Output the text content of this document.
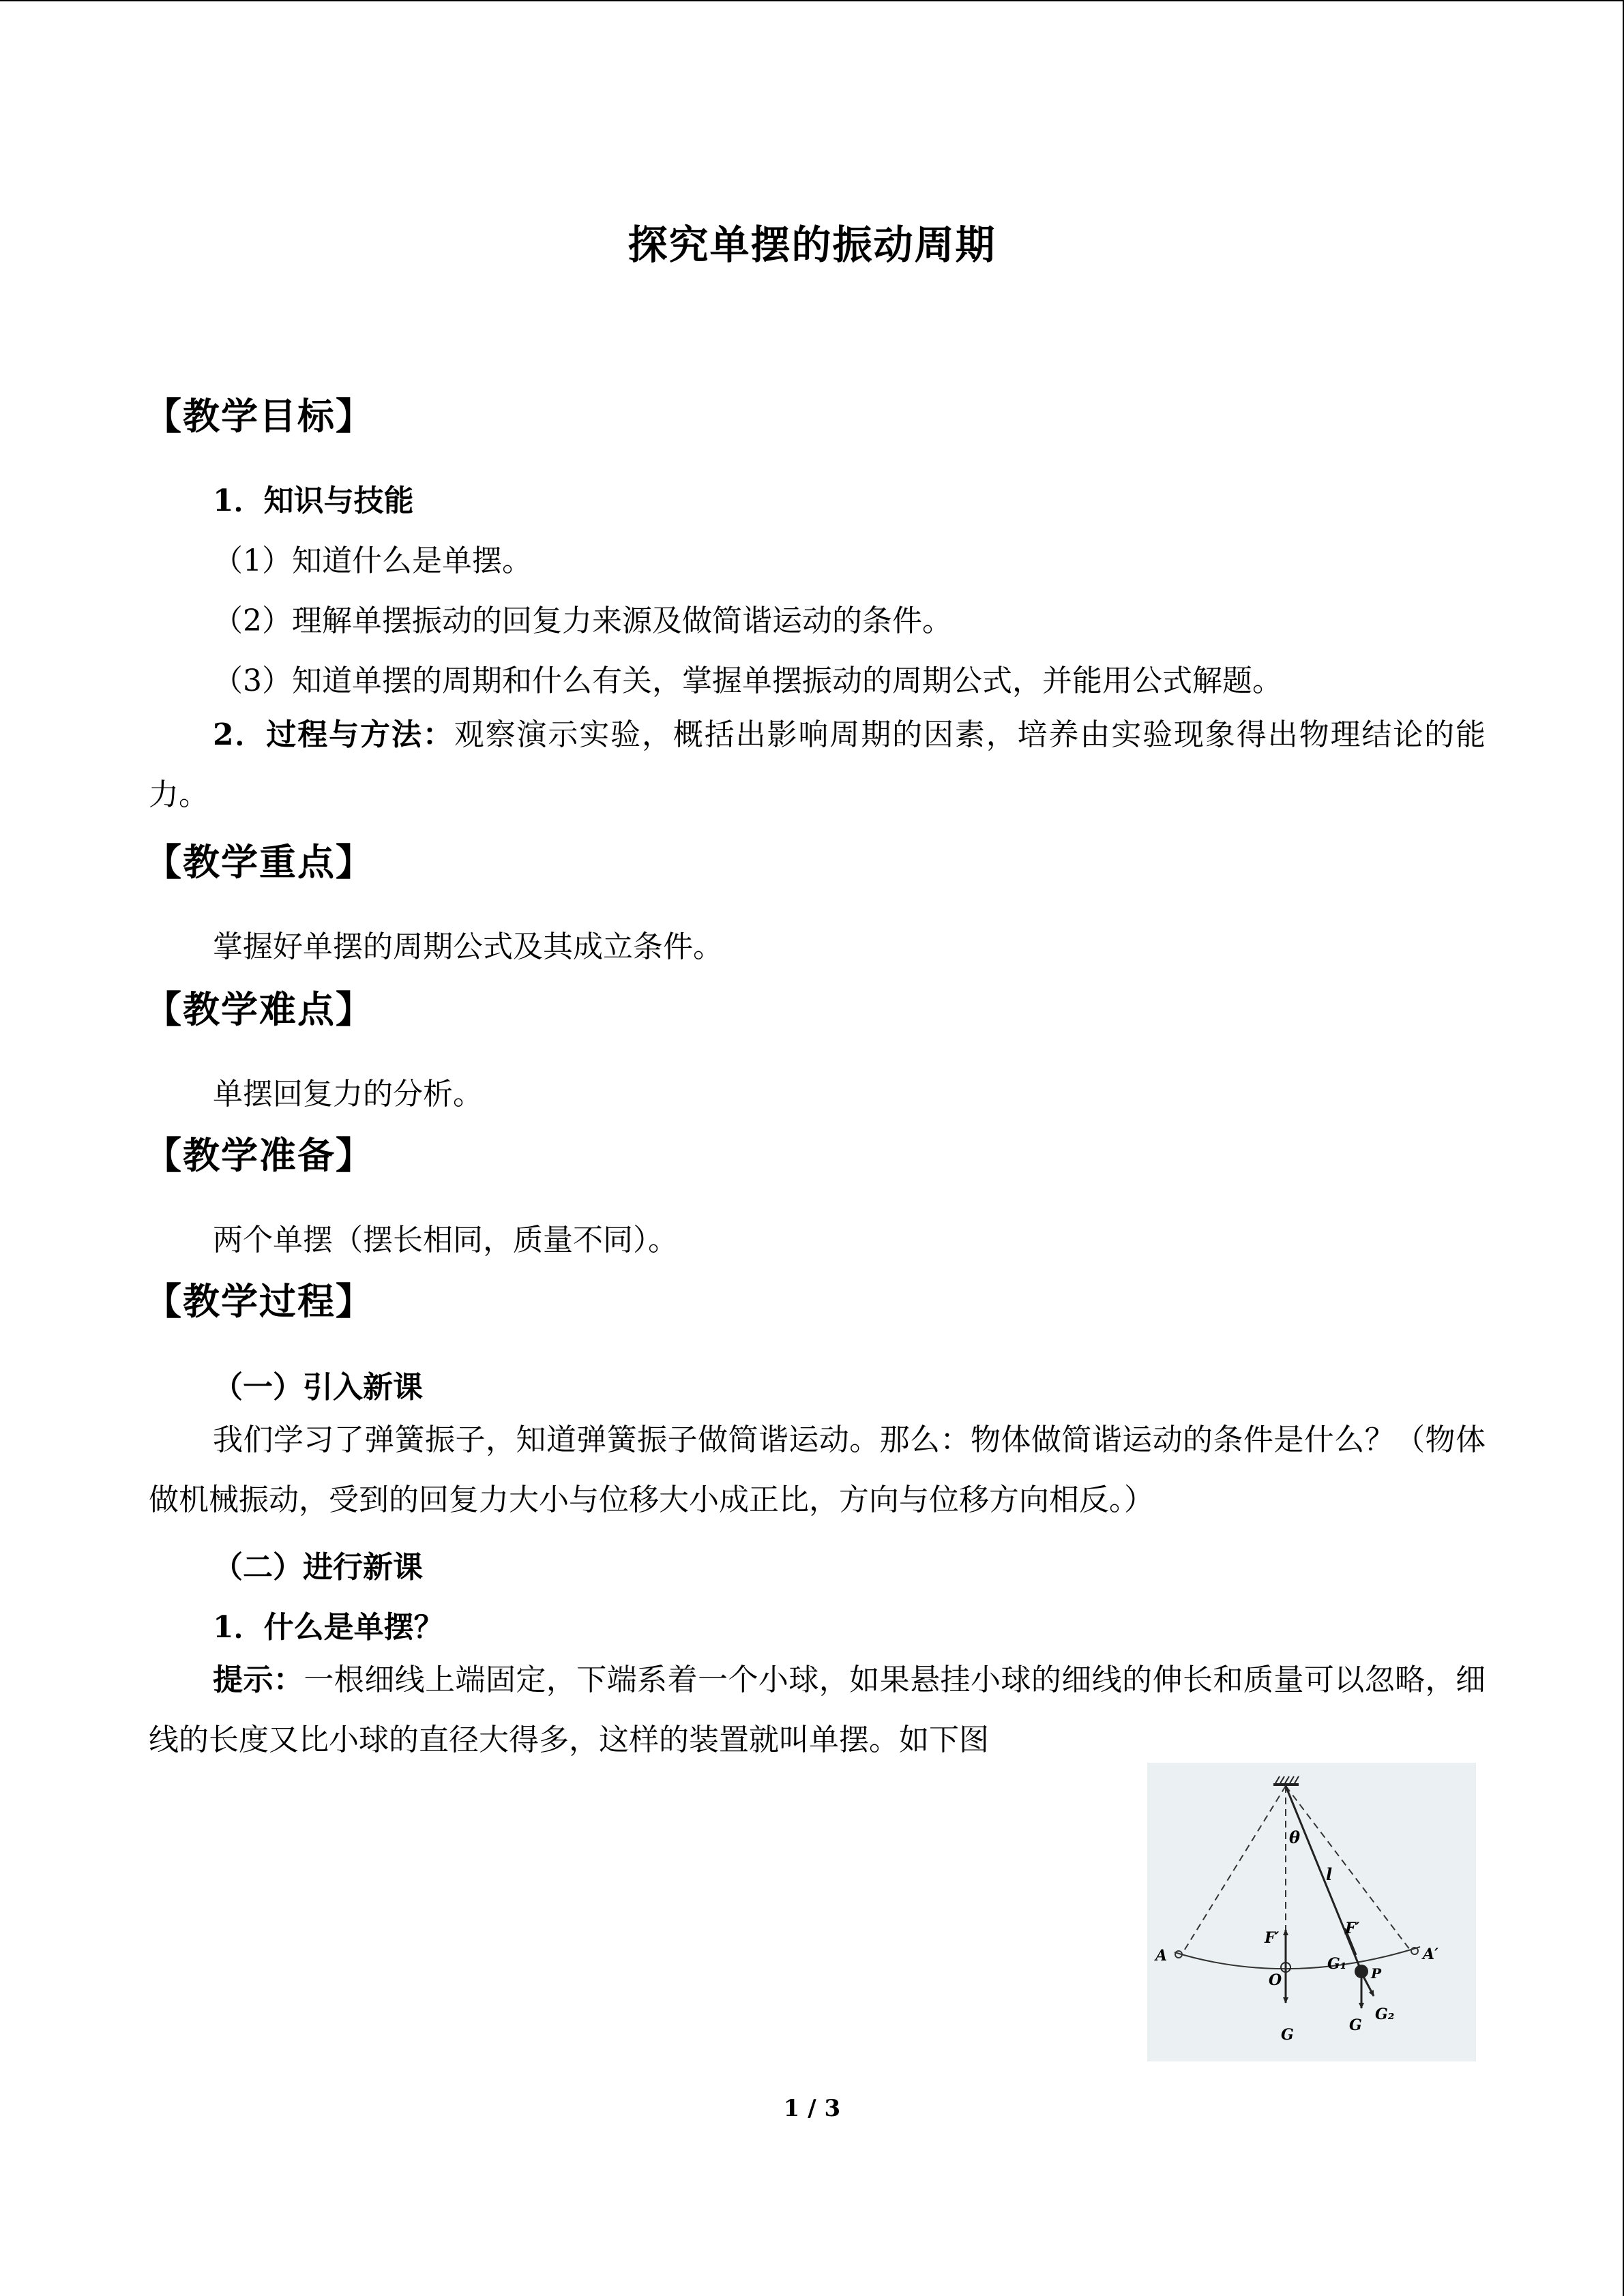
探究单摆的振动周期
【教学目标】
1．知识与技能
（1）知道什么是单摆。
（2）理解单摆振动的回复力来源及做简谐运动的条件。
（3）知道单摆的周期和什么有关，掌握单摆振动的周期公式，并能用公式解题。
2．过程与方法：观察演示实验，概括出影响周期的因素，培养由实验现象得出物理结论的能力。
【教学重点】
掌握好单摆的周期公式及其成立条件。
【教学难点】
单摆回复力的分析。
【教学准备】
两个单摆（摆长相同，质量不同）。
【教学过程】
（一）引入新课
我们学习了弹簧振子，知道弹簧振子做简谐运动。那么：物体做简谐运动的条件是什么？（物体做机械振动，受到的回复力大小与位移大小成正比，方向与位移方向相反。）
（二）进行新课
1．什么是单摆？
提示：一根细线上端固定，下端系着一个小球，如果悬挂小球的细线的伸长和质量可以忽略，细线的长度又比小球的直径大得多，这样的装置就叫单摆。如下图
θ
l
F′
F′
A	A′
O
G
G₁
P
G
G₂
1 / 3
